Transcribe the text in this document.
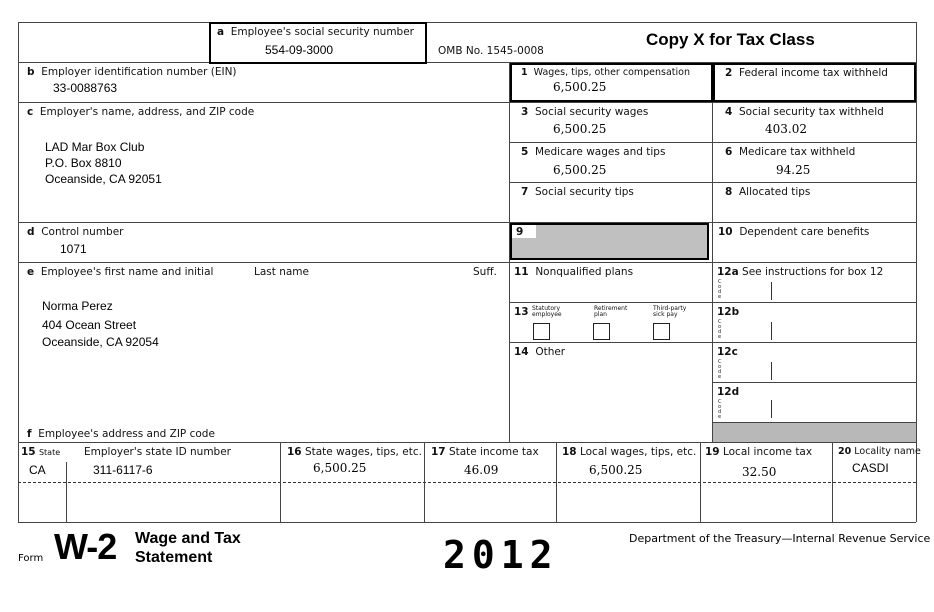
a Employee's social security number
554-09-3000	OMB No. 1545-0008
Copy X for Tax Class
b Employer identification number (EIN)
33-0088763
1 Wages, tips, other compensation
6,500.25
2 Federal income tax withheld
c Employer's name, address, and ZIP code
LAD Mar Box Club
P.O. Box 8810
Oceanside, CA 92051
3 Social security wages
6,500.25
4 Social security tax withheld
403.02
5 Medicare wages and tips
6,500.25
6 Medicare tax withheld
94.25
7 Social security tips	8 Allocated tips
d Control number
1071
9	10 Dependent care benefits
e Employee's first name and initial	Last name	Suff.
Norma Perez
404 Ocean Street
Oceanside, CA 92054
f Employee's address and ZIP code
11 Nonqualified plans
13 Statutory employee
Retirement plan
Third-party sick pay
14 Other
12a See instructions for box 12
Code
12b
Code
12c
Code
12d
Code
15 State Employer's state ID number
CA	311-6117-6
16 State wages, tips, etc.
6,500.25
17 State income tax
46.09
18 Local wages, tips, etc.
6,500.25
19 Local income tax
32.50
20 Locality name
CASDI
Form W-2 Wage and Tax
Statement	2012	Department of the Treasury—Internal Revenue Service
